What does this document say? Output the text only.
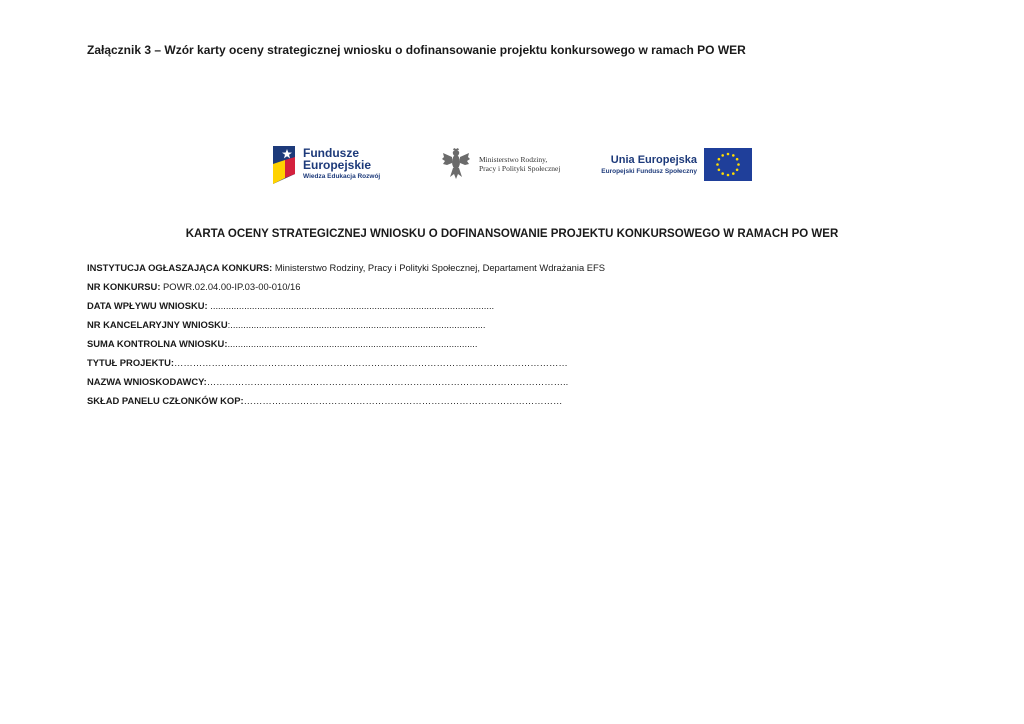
Załącznik 3 – Wzór karty oceny strategicznej wniosku o dofinansowanie projektu konkursowego w ramach PO WER
Fundusze
Europejskie
Wiedza Edukacja Rozwój
Ministerstwo Rodziny,
Pracy i Polityki Społecznej
Unia Europejska
Europejski Fundusz Społeczny
KARTA OCENY STRATEGICZNEJ WNIOSKU O DOFINANSOWANIE PROJEKTU KONKURSOWEGO W RAMACH PO WER
INSTYTUCJA OGŁASZAJĄCA KONKURS: Ministerstwo Rodziny, Pracy i Polityki Społecznej, Departament Wdrażania EFS
NR KONKURSU: POWR.02.04.00-IP.03-00-010/16
DATA WPŁYWU WNIOSKU: .............................................................................................................
NR KANCELARYJNY WNIOSKU:..................................................................................................
SUMA KONTROLNA WNIOSKU:................................................................................................
TYTUŁ PROJEKTU:………………………………………………………………………………………………………………
NAZWA WNIOSKODAWCY:……………………………………………………………………………………………………..
SKŁAD PANELU CZŁONKÓW KOP:…………………………………………………………………………………………
